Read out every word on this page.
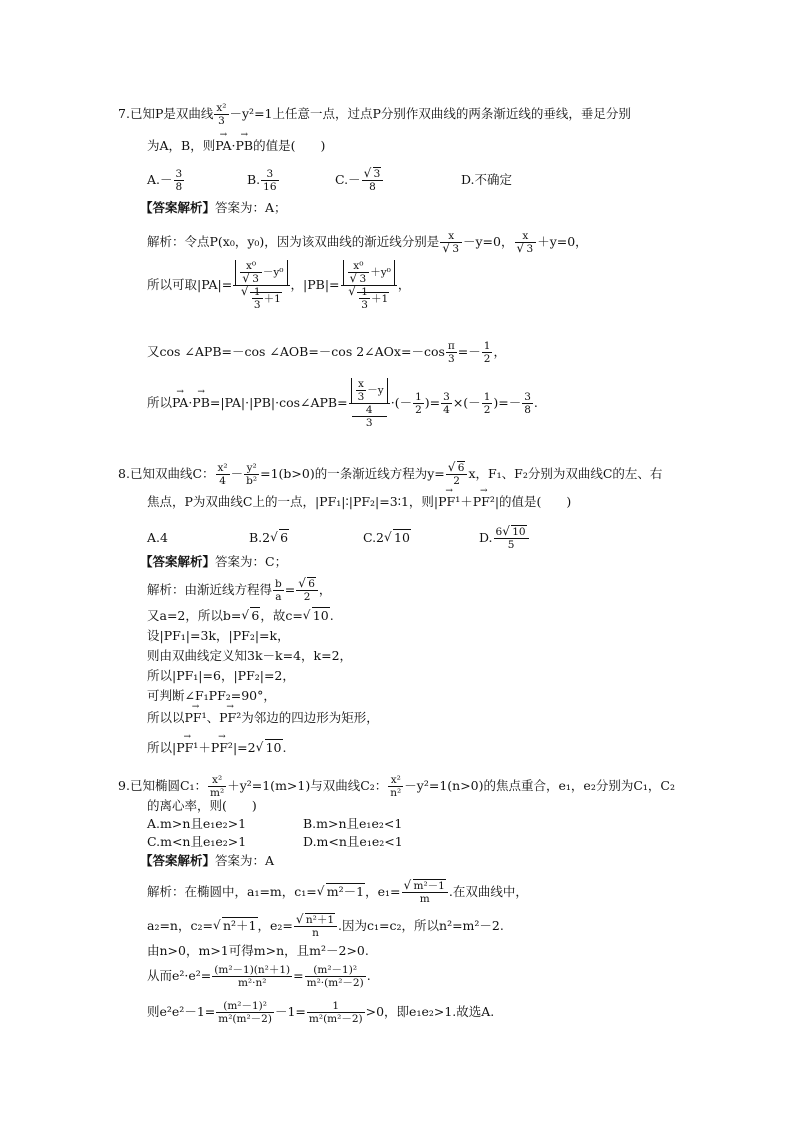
7.已知P是双曲线 $\frac{\text{x²}}{3} -y^2=1$上任意一点，过点P分别作双曲线的两条渐近线的垂线，垂足分别
为A，B，则→ PA·→ PB的值是(　　)
$A.- \frac{3}{8}$	B. $\frac{3}{16}$	C.－ √ $\frac{3}{8}$	D.不确定
【答案解析】答案为：A；
解析：令点P(x₀，y₀)，因为该双曲线的渐近线分别是 x
√ 3 －y=0， x
√ 3 ＋y=0，
所以可取|PA|= x⁰
√ 3 －y⁰
√ $\frac{1}{3} +1$ ，|PB|= x⁰
√ 3 ＋y⁰
√ $\frac{1}{3} +1$ ，
又cos ∠APB=－cos ∠AOB=－cos 2∠AOx=－cos $\frac{\pi}{3} =- \frac{1}{2}$ ，
所以→ PA·→ PB=|PA|·|PB|·cos∠APB= $\frac{x}{3} -y$
4
3 ·(－ $\frac{1}{2}$ )= $\frac{3}{4}$ ×(－ $\frac{1}{2}$ )=－ $\frac{3}{8}$ .
8.已知双曲线C： $\frac{\text{x²}}{4} - \frac{\text{y²}}{\text{b²}} =1(b>0)$的一条渐近线方程为y= √ $\frac{6}{2}$ x，F₁、F₂分别为双曲线C的左、右
焦点，P为双曲线C上的一点，|PF₁|∶|PF₂|=3∶1，则|→ PF¹＋→ PF²|的值是(　　)
A.4	B.2 √ 6	C.2 √ 10	D. $\frac{6 √ 10}{5}$
【答案解析】答案为：C；
解析：由渐近线方程得 $\frac{b}{a}$ = √ $\frac{6}{2}$ ，
又a=2，所以b= √ 6，故c= √ 10.
设|PF₁|=3k，|PF₂|=k，
则由双曲线定义知3k－k=4，k=2，
所以|PF₁|=6，|PF₂|=2，
可判断∠F₁PF₂=90°，
所以以→ PF¹、→ PF²为邻边的四边形为矩形，
所以|→ PF¹＋→ PF²|=2 √ 10.
9.已知椭圆C₁： $\frac{\text{x²}}{\text{m²}} +y^2=1(m>1)$与双曲线C₂： $\frac{\text{x²}}{\text{n²}} -y^2=1(n>0)$的焦点重合，e₁，e₂分别为C₁，C₂
的离心率，则(　　)
A.m>n且e₁e₂>1	B.m>n且e₁e₂<1
C.m<n且e₁e₂>1	D.m<n且e₁e₂<1
【答案解析】答案为：A
解析：在椭圆中，a₁=m，c₁= √ m²－1，e₁= √ $\frac{\text{m²－1}}{m}$ .在双曲线中，
a₂=n，c₂= √ n²＋1，e₂= √ $\frac{\text{n²＋1}}{n}$ .因为c₁=c₂，所以n²=m²－2.
由n>0，m>1可得m>n，且m²－2>0.
从而$e^2\cdot e^2= \frac{\text{(m²－1)(n²＋1)}}{\text{m²·n²}} = \frac{\text{(m²－1)²}}{\text{m²·(m²－2)}}$ .
则$e^2e^2-1= \frac{\text{(m²－1)²}}{\text{m²(m²－2)}} -1= \frac{1}{\text{m²(m²－2)}} >0$，即e₁e₂>1.故选A.
